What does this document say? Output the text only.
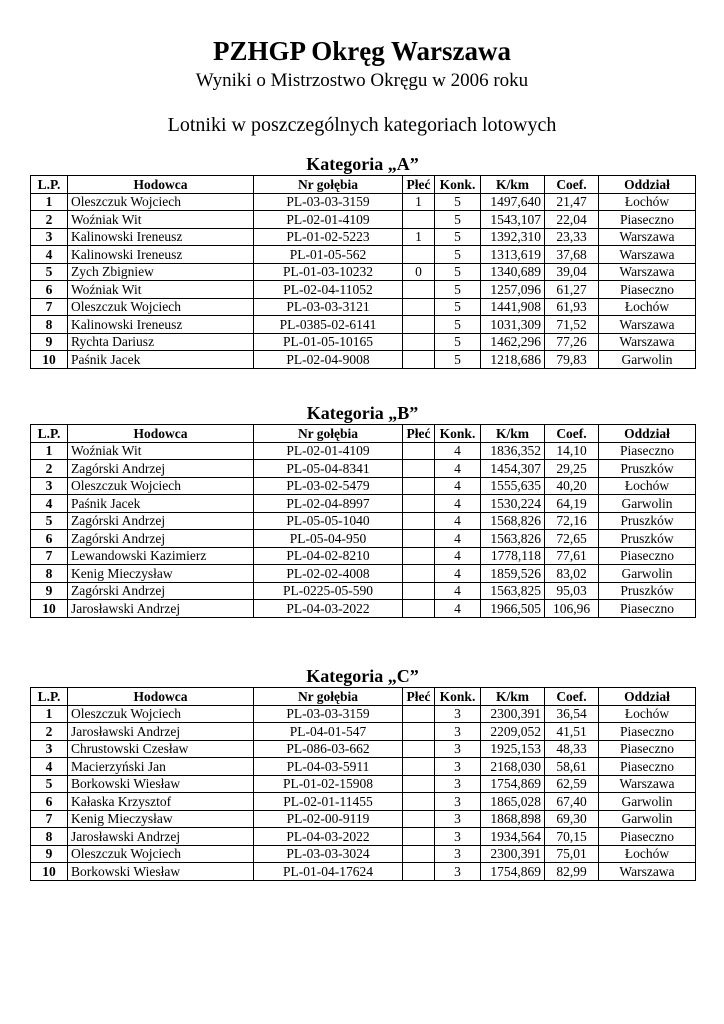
PZHGP Okręg Warszawa
Wyniki o Mistrzostwo Okręgu w 2006 roku
Lotniki w poszczególnych kategoriach lotowych
Kategoria „A”
L.P.	Hodowca	Nr gołębia	Płeć	Konk.	K/km	Coef.	Oddział
1	Oleszczuk Wojciech	PL-03-03-3159	1	5	1497,640	21,47	Łochów
2	Woźniak Wit	PL-02-01-4109		5	1543,107	22,04	Piaseczno
3	Kalinowski Ireneusz	PL-01-02-5223	1	5	1392,310	23,33	Warszawa
4	Kalinowski Ireneusz	PL-01-05-562		5	1313,619	37,68	Warszawa
5	Zych Zbigniew	PL-01-03-10232	0	5	1340,689	39,04	Warszawa
6	Woźniak Wit	PL-02-04-11052		5	1257,096	61,27	Piaseczno
7	Oleszczuk Wojciech	PL-03-03-3121		5	1441,908	61,93	Łochów
8	Kalinowski Ireneusz	PL-0385-02-6141		5	1031,309	71,52	Warszawa
9	Rychta Dariusz	PL-01-05-10165		5	1462,296	77,26	Warszawa
10	Paśnik Jacek	PL-02-04-9008		5	1218,686	79,83	Garwolin
Kategoria „B”
L.P.	Hodowca	Nr gołębia	Płeć	Konk.	K/km	Coef.	Oddział
1	Woźniak Wit	PL-02-01-4109		4	1836,352	14,10	Piaseczno
2	Zagórski Andrzej	PL-05-04-8341		4	1454,307	29,25	Pruszków
3	Oleszczuk Wojciech	PL-03-02-5479		4	1555,635	40,20	Łochów
4	Paśnik Jacek	PL-02-04-8997		4	1530,224	64,19	Garwolin
5	Zagórski Andrzej	PL-05-05-1040		4	1568,826	72,16	Pruszków
6	Zagórski Andrzej	PL-05-04-950		4	1563,826	72,65	Pruszków
7	Lewandowski Kazimierz	PL-04-02-8210		4	1778,118	77,61	Piaseczno
8	Kenig Mieczysław	PL-02-02-4008		4	1859,526	83,02	Garwolin
9	Zagórski Andrzej	PL-0225-05-590		4	1563,825	95,03	Pruszków
10	Jarosławski Andrzej	PL-04-03-2022		4	1966,505	106,96	Piaseczno
Kategoria „C”
L.P.	Hodowca	Nr gołębia	Płeć	Konk.	K/km	Coef.	Oddział
1	Oleszczuk Wojciech	PL-03-03-3159		3	2300,391	36,54	Łochów
2	Jarosławski Andrzej	PL-04-01-547		3	2209,052	41,51	Piaseczno
3	Chrustowski Czesław	PL-086-03-662		3	1925,153	48,33	Piaseczno
4	Macierzyński Jan	PL-04-03-5911		3	2168,030	58,61	Piaseczno
5	Borkowski Wiesław	PL-01-02-15908		3	1754,869	62,59	Warszawa
6	Kałaska Krzysztof	PL-02-01-11455		3	1865,028	67,40	Garwolin
7	Kenig Mieczysław	PL-02-00-9119		3	1868,898	69,30	Garwolin
8	Jarosławski Andrzej	PL-04-03-2022		3	1934,564	70,15	Piaseczno
9	Oleszczuk Wojciech	PL-03-03-3024		3	2300,391	75,01	Łochów
10	Borkowski Wiesław	PL-01-04-17624		3	1754,869	82,99	Warszawa
